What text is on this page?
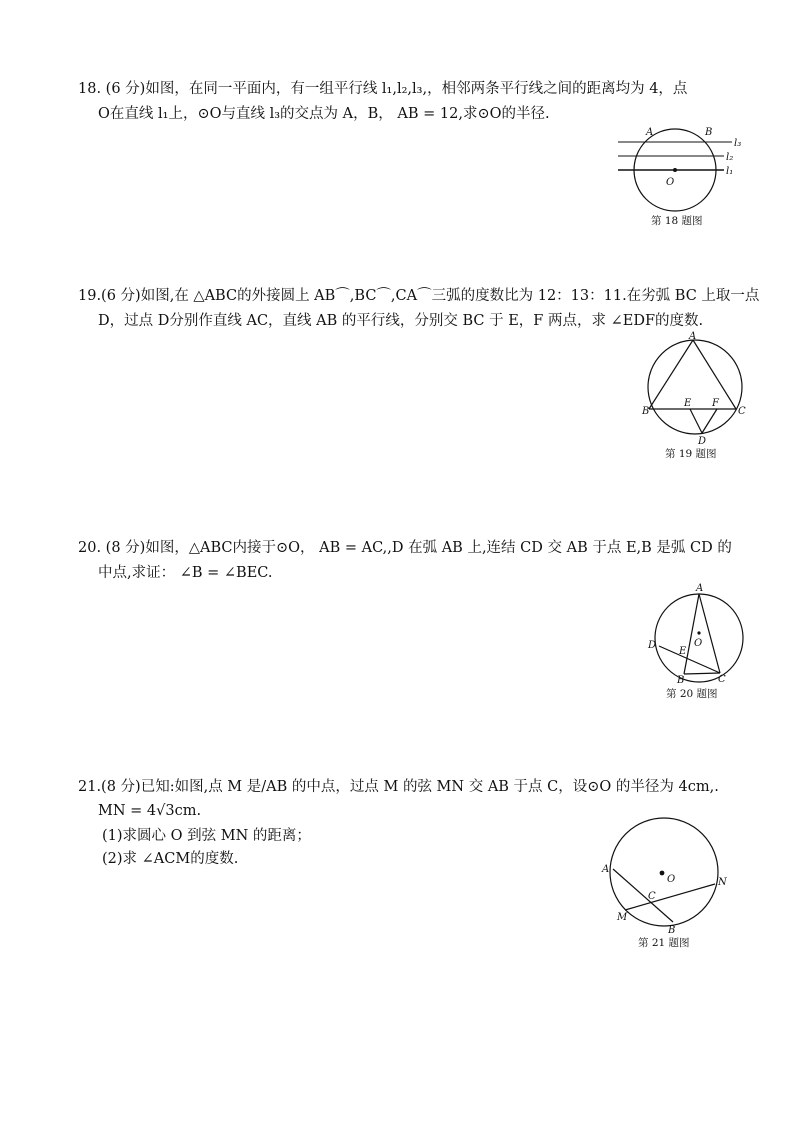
18. (6 分)如图，在同一平面内，有一组平行线 l₁,l₂,l₃,，相邻两条平行线之间的距离均为 4，点
O在直线 l₁上，⊙O与直线 l₃的交点为 A，B， AB = 12,求⊙O的半径.
A	B
O
l₃
l₂
l₁
第 18 题图
19.(6 分)如图,在 △ABC的外接圆上 AB⌒,BC⌒,CA⌒三弧的度数比为 12：13：11.在劣弧 BC 上取一点
D，过点 D分别作直线 AC，直线 AB 的平行线，分别交 BC 于 E，F 两点，求 ∠EDF的度数.
A
B	C
E F
D
第 19 题图
20. (8 分)如图，△ABC内接于⊙O， AB = AC,,D 在弧 AB 上,连结 CD 交 AB 于点 E,B 是弧 CD 的
中点,求证： ∠B = ∠BEC.
A
O
D
E
B	C
第 20 题图
21.(8 分)已知:如图,点 M 是/AB 的中点，过点 M 的弦 MN 交 AB 于点 C，设⊙O 的半径为 4cm,.
MN = 4√3cm.
(1)求圆心 O 到弦 MN 的距离；
(2)求 ∠ACM的度数.
O
A
N
C
M
B
第 21 题图
